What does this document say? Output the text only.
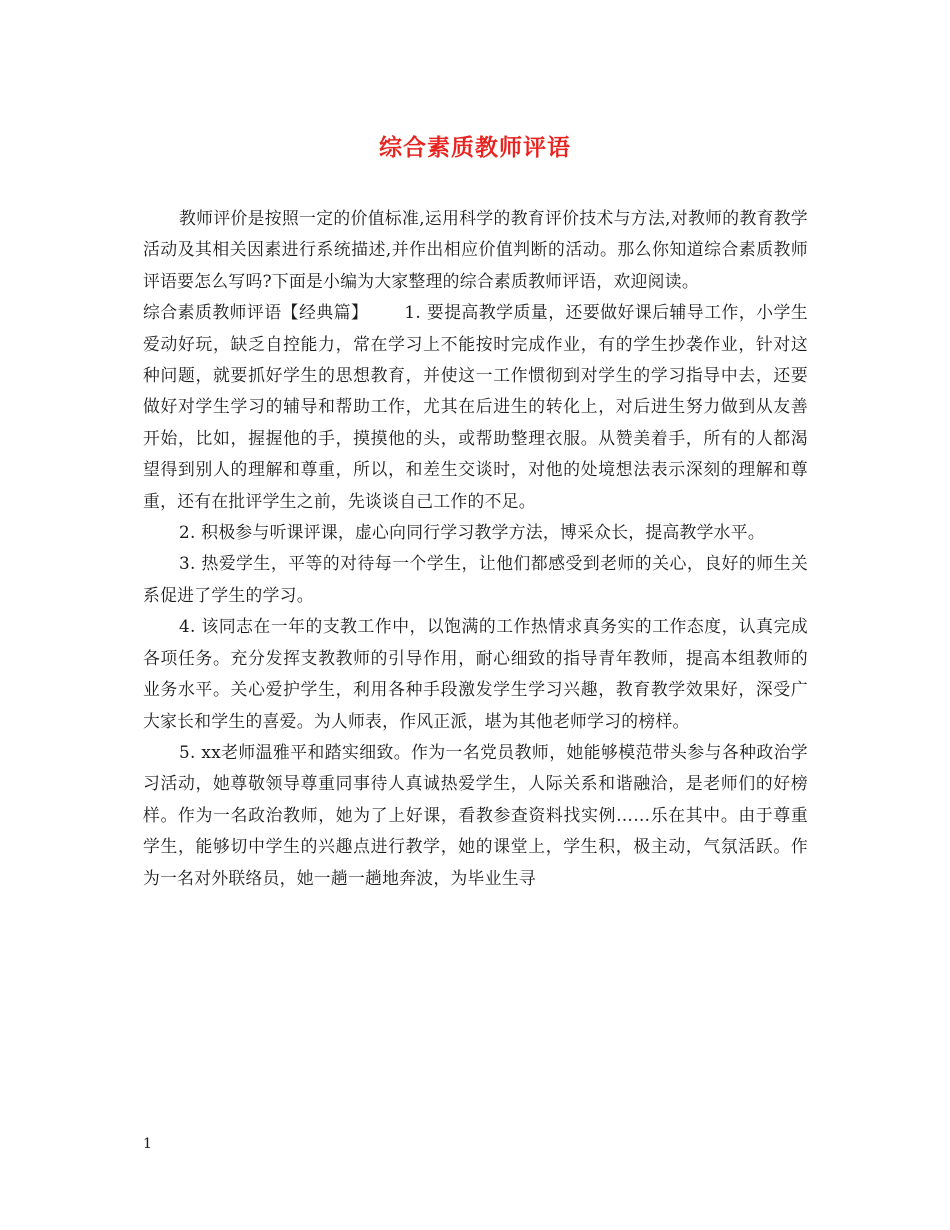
综合素质教师评语

教师评价是按照一定的价值标准,运用科学的教育评价技术与方法,对教师的教育教学活动及其相关因素进行系统描述,并作出相应价值判断的活动。那么你知道综合素质教师评语要怎么写吗?下面是小编为大家整理的综合素质教师评语，欢迎阅读。

综合素质教师评语【经典篇】 1. 要提高教学质量，还要做好课后辅导工作，小学生爱动好玩，缺乏自控能力，常在学习上不能按时完成作业，有的学生抄袭作业，针对这种问题，就要抓好学生的思想教育，并使这一工作惯彻到对学生的学习指导中去，还要做好对学生学习的辅导和帮助工作，尤其在后进生的转化上，对后进生努力做到从友善开始，比如，握握他的手，摸摸他的头，或帮助整理衣服。从赞美着手，所有的人都渴望得到别人的理解和尊重，所以，和差生交谈时，对他的处境想法表示深刻的理解和尊重，还有在批评学生之前，先谈谈自己工作的不足。

2. 积极参与听课评课，虚心向同行学习教学方法，博采众长，提高教学水平。

3. 热爱学生，平等的对待每一个学生，让他们都感受到老师的关心，良好的师生关系促进了学生的学习。

4. 该同志在一年的支教工作中，以饱满的工作热情求真务实的工作态度，认真完成各项任务。充分发挥支教教师的引导作用，耐心细致的指导青年教师，提高本组教师的业务水平。关心爱护学生，利用各种手段激发学生学习兴趣，教育教学效果好，深受广大家长和学生的喜爱。为人师表，作风正派，堪为其他老师学习的榜样。

5. xx老师温雅平和踏实细致。作为一名党员教师，她能够模范带头参与各种政治学习活动，她尊敬领导尊重同事待人真诚热爱学生，人际关系和谐融洽，是老师们的好榜样。作为一名政治教师，她为了上好课，看教参查资料找实例……乐在其中。由于尊重学生，能够切中学生的兴趣点进行教学，她的课堂上，学生积，极主动，气氛活跃。作为一名对外联络员，她一趟一趟地奔波，为毕业生寻

1
